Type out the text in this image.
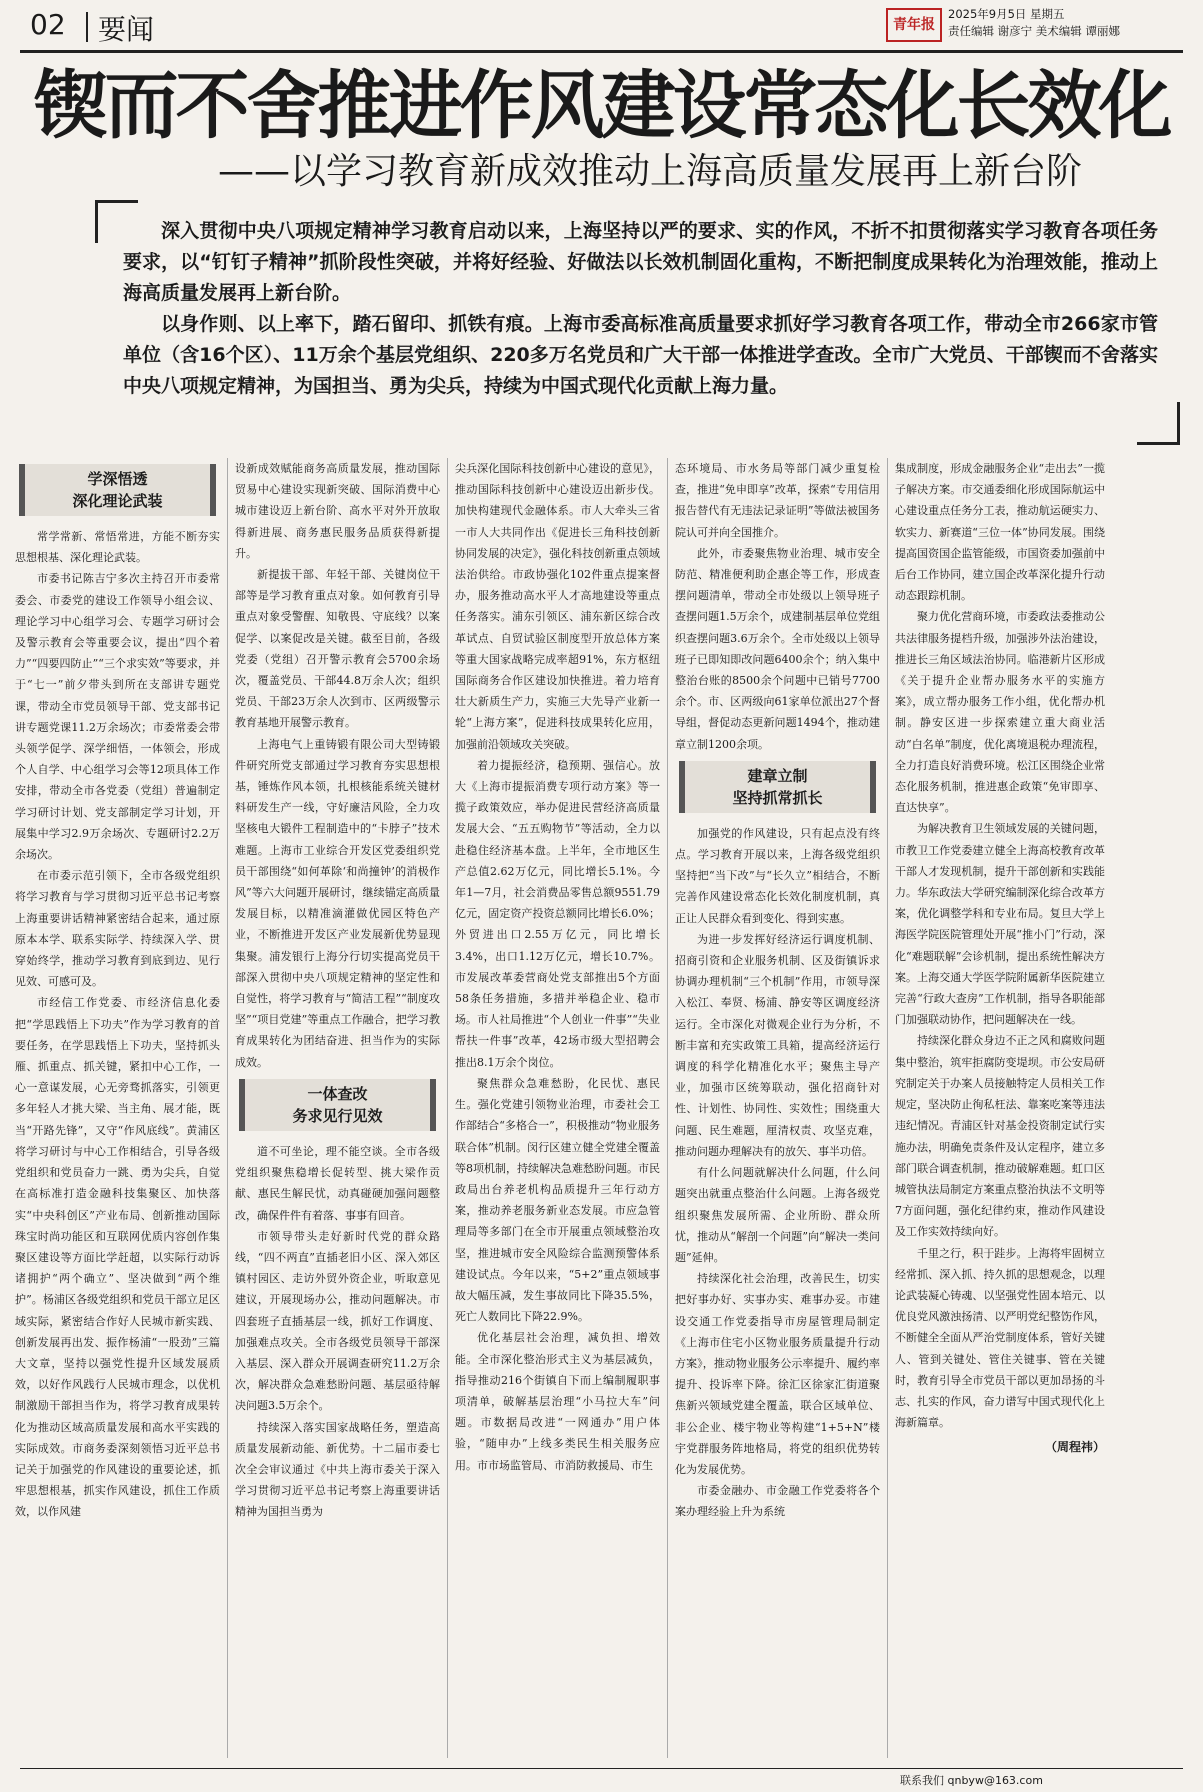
02 要闻	青年报
2025年9月5日 星期五
责任编辑 谢彦宁 美术编辑 谭丽娜
锲而不舍推进作风建设常态化长效化
——以学习教育新成效推动上海高质量发展再上新台阶

深入贯彻中央八项规定精神学习教育启动以来，上海坚持以严的要求、实的作风，不折不扣贯彻落实学习教育各项任务要求，以“钉钉子精神”抓阶段性突破，并将好经验、好做法以长效机制固化重构，不断把制度成果转化为治理效能，推动上海高质量发展再上新台阶。

以身作则、以上率下，踏石留印、抓铁有痕。上海市委高标准高质量要求抓好学习教育各项工作，带动全市266家市管单位（含16个区）、11万余个基层党组织、220多万名党员和广大干部一体推进学查改。全市广大党员、干部锲而不舍落实中央八项规定精神，为国担当、勇为尖兵，持续为中国式现代化贡献上海力量。

学深悟透
深化理论武装

常学常新、常悟常进，方能不断夯实思想根基、深化理论武装。

市委书记陈吉宁多次主持召开市委常委会、市委党的建设工作领导小组会议、理论学习中心组学习会、专题学习研讨会及警示教育会等重要会议，提出“四个着力”“四要四防止”“三个求实效”等要求，并于“七一”前夕带头到所在支部讲专题党课，带动全市党员领导干部、党支部书记讲专题党课11.2万余场次；市委常委会带头领学促学、深学细悟，一体领会，形成个人自学、中心组学习会等12项具体工作安排，带动全市各党委（党组）普遍制定学习研讨计划、党支部制定学习计划，开展集中学习2.9万余场次、专题研讨2.2万余场次。

在市委示范引领下，全市各级党组织将学习教育与学习贯彻习近平总书记考察上海重要讲话精神紧密结合起来，通过原原本本学、联系实际学、持续深入学、贯穿始终学，推动学习教育到底到边、见行见效、可感可及。

市经信工作党委、市经济信息化委把“学思践悟上下功夫”作为学习教育的首要任务，在学思践悟上下功夫，坚持抓头雁、抓重点、抓关键，紧扣中心工作，一心一意谋发展，心无旁骛抓落实，引领更多年轻人才挑大梁、当主角、展才能，既当“开路先锋”，又守“作风底线”。黄浦区将学习研讨与中心工作相结合，引导各级党组织和党员奋力一跳、勇为尖兵，自觉在高标准打造金融科技集聚区、加快落实“中央科创区”产业布局、创新推动国际珠宝时尚功能区和互联网优质内容创作集聚区建设等方面比学赶超，以实际行动诉诸拥护“两个确立”、坚决做到“两个维护”。杨浦区各级党组织和党员干部立足区域实际，紧密结合作好人民城市新实践、创新发展再出发、振作杨浦“一股劲”三篇大文章，坚持以强党性提升区域发展质效，以好作风践行人民城市理念，以优机制激励干部担当作为，将学习教育成果转化为推动区域高质量发展和高水平实践的实际成效。市商务委深刻领悟习近平总书记关于加强党的作风建设的重要论述，抓牢思想根基，抓实作风建设，抓住工作质效，以作风建

设新成效赋能商务高质量发展，推动国际贸易中心建设实现新突破、国际消费中心城市建设迈上新台阶、高水平对外开放取得新进展、商务惠民服务品质获得新提升。

新提拔干部、年轻干部、关键岗位干部等是学习教育重点对象。如何教育引导重点对象受警醒、知敬畏、守底线？以案促学、以案促改是关键。截至目前，各级党委（党组）召开警示教育会5700余场次，覆盖党员、干部44.8万余人次；组织党员、干部23万余人次到市、区两级警示教育基地开展警示教育。

上海电气上重铸锻有限公司大型铸锻件研究所党支部通过学习教育夯实思想根基，锤炼作风本领，扎根核能系统关键材料研发生产一线，守好廉洁风险，全力攻坚核电大锻件工程制造中的“卡脖子”技术难题。上海市工业综合开发区党委组织党员干部围绕“如何革除‘和尚撞钟’的消极作风”等六大问题开展研讨，继续锚定高质量发展目标，以精准滴灌做优园区特色产业，不断推进开发区产业发展新优势显现集聚。浦发银行上海分行切实提高党员干部深入贯彻中央八项规定精神的坚定性和自觉性，将学习教育与“简洁工程”“制度攻坚”“项目党建”等重点工作融合，把学习教育成果转化为团结奋进、担当作为的实际成效。

一体查改
务求见行见效

道不可坐论，理不能空谈。全市各级党组织聚焦稳增长促转型、挑大梁作贡献、惠民生解民忧，动真碰硬加强问题整改，确保件件有着落、事事有回音。

市领导带头走好新时代党的群众路线，“四不两直”直插老旧小区、深入郊区镇村园区、走访外贸外资企业，听取意见建议，开展现场办公，推动问题解决。市四套班子直插基层一线，抓好工作调度、加强难点攻关。全市各级党员领导干部深入基层、深入群众开展调查研究11.2万余次，解决群众急难愁盼问题、基层亟待解决问题3.5万余个。

持续深入落实国家战略任务，塑造高质量发展新动能、新优势。十二届市委七次全会审议通过《中共上海市委关于深入学习贯彻习近平总书记考察上海重要讲话精神为国担当勇为

尖兵深化国际科技创新中心建设的意见》，推动国际科技创新中心建设迈出新步伐。加快构建现代金融体系。市人大牵头三省一市人大共同作出《促进长三角科技创新协同发展的决定》，强化科技创新重点领域法治供给。市政协强化102件重点提案督办，服务推动高水平人才高地建设等重点任务落实。浦东引领区、浦东新区综合改革试点、自贸试验区制度型开放总体方案等重大国家战略完成率超91%，东方枢纽国际商务合作区建设加快推进。着力培育壮大新质生产力，实施三大先导产业新一轮“上海方案”，促进科技成果转化应用，加强前沿领域攻关突破。

着力提振经济，稳预期、强信心。放大《上海市提振消费专项行动方案》等一揽子政策效应，举办促进民营经济高质量发展大会、“五五购物节”等活动，全力以赴稳住经济基本盘。上半年，全市地区生产总值2.62万亿元，同比增长5.1%。今年1—7月，社会消费品零售总额9551.79亿元，固定资产投资总额同比增长6.0%；外贸进出口2.55万亿元，同比增长3.4%，出口1.12万亿元，增长10.7%。市发展改革委营商处党支部推出5个方面58条任务措施，多措并举稳企业、稳市场。市人社局推进“个人创业一件事”“失业帮扶一件事”改革，42场市级大型招聘会推出8.1万余个岗位。

聚焦群众急难愁盼，化民忧、惠民生。强化党建引领物业治理，市委社会工作部结合“多格合一”，积极推动“物业服务联合体”机制。闵行区建立健全党建全覆盖等8项机制，持续解决急难愁盼问题。市民政局出台养老机构品质提升三年行动方案，推动养老服务新业态发展。市应急管理局等多部门在全市开展重点领域整治攻坚，推进城市安全风险综合监测预警体系建设试点。今年以来，“5+2”重点领域事故大幅压减，发生事故同比下降35.5%，死亡人数同比下降22.9%。

优化基层社会治理，减负担、增效能。全市深化整治形式主义为基层减负，指导推动216个街镇自下而上编制履职事项清单，破解基层治理“小马拉大车”问题。市数据局改进“一网通办”用户体验，“随申办”上线多类民生相关服务应用。市市场监管局、市消防救援局、市生

态环境局、市水务局等部门减少重复检查，推进“免申即享”改革，探索“专用信用报告替代有无违法记录证明”等做法被国务院认可并向全国推介。

此外，市委聚焦物业治理、城市安全防范、精准便利助企惠企等工作，形成查摆问题清单，带动全市处级以上领导班子查摆问题1.5万余个，成建制基层单位党组织查摆问题3.6万余个。全市处级以上领导班子已即知即改问题6400余个；纳入集中整治台账的8500余个问题中已销号7700余个。市、区两级向61家单位派出27个督导组，督促动态更新问题1494个，推动建章立制1200余项。

建章立制
坚持抓常抓长

加强党的作风建设，只有起点没有终点。学习教育开展以来，上海各级党组织坚持把“当下改”与“长久立”相结合，不断完善作风建设常态化长效化制度机制，真正让人民群众看到变化、得到实惠。

为进一步发挥好经济运行调度机制、招商引资和企业服务机制、区及街镇诉求协调办理机制“三个机制”作用，市领导深入松江、奉贤、杨浦、静安等区调度经济运行。全市深化对微观企业行为分析，不断丰富和充实政策工具箱，提高经济运行调度的科学化精准化水平；聚焦主导产业，加强市区统筹联动，强化招商针对性、计划性、协同性、实效性；围绕重大问题、民生难题，厘清权责、攻坚克难，推动问题办理解决有的放矢、事半功倍。

有什么问题就解决什么问题，什么问题突出就重点整治什么问题。上海各级党组织聚焦发展所需、企业所盼、群众所忧，推动从“解剖一个问题”向“解决一类问题”延伸。

持续深化社会治理，改善民生，切实把好事办好、实事办实、难事办妥。市建设交通工作党委指导市房屋管理局制定《上海市住宅小区物业服务质量提升行动方案》，推动物业服务公示率提升、履约率提升、投诉率下降。徐汇区徐家汇街道聚焦新兴领域党建全覆盖，联合区域单位、非公企业、楼宇物业等构建“1+5+N”楼宇党群服务阵地格局，将党的组织优势转化为发展优势。

市委金融办、市金融工作党委将各个案办理经验上升为系统

集成制度，形成金融服务企业“走出去”一揽子解决方案。市交通委细化形成国际航运中心建设重点任务分工表，推动航运硬实力、软实力、新赛道“三位一体”协同发展。围绕提高国资国企监管能级，市国资委加强前中后台工作协同，建立国企改革深化提升行动动态跟踪机制。

聚力优化营商环境，市委政法委推动公共法律服务提档升级，加强涉外法治建设，推进长三角区域法治协同。临港新片区形成《关于提升企业帮办服务水平的实施方案》，成立帮办服务工作小组，优化帮办机制。静安区进一步探索建立重大商业活动“白名单”制度，优化离境退税办理流程，全力打造良好消费环境。松江区围绕企业常态化服务机制，推进惠企政策“免审即享、直达快享”。

为解决教育卫生领域发展的关键问题，市教卫工作党委建立健全上海高校教育改革干部人才发现机制，提升干部创新和实践能力。华东政法大学研究编制深化综合改革方案，优化调整学科和专业布局。复旦大学上海医学院医院管理处开展“推小门”行动，深化“难题联解”会诊机制，提出系统性解决方案。上海交通大学医学院附属新华医院建立完善“行政大查房”工作机制，指导各职能部门加强联动协作，把问题解决在一线。

持续深化群众身边不正之风和腐败问题集中整治，筑牢拒腐防变堤坝。市公安局研究制定关于办案人员接触特定人员相关工作规定，坚决防止徇私枉法、靠案吃案等违法违纪情况。青浦区针对基金投资制定试行实施办法，明确免责条件及认定程序，建立多部门联合调查机制，推动破解难题。虹口区城管执法局制定方案重点整治执法不文明等7方面问题，强化纪律约束，推动作风建设及工作实效持续向好。

千里之行，积于跬步。上海将牢固树立经常抓、深入抓、持久抓的思想观念，以理论武装凝心铸魂、以坚强党性固本培元、以优良党风激浊扬清、以严明党纪整饬作风，不断健全全面从严治党制度体系，管好关键人、管到关键处、管住关键事、管在关键时，教育引导全市党员干部以更加昂扬的斗志、扎实的作风，奋力谱写中国式现代化上海新篇章。

（周程祎）

联系我们 qnbyw@163.com
